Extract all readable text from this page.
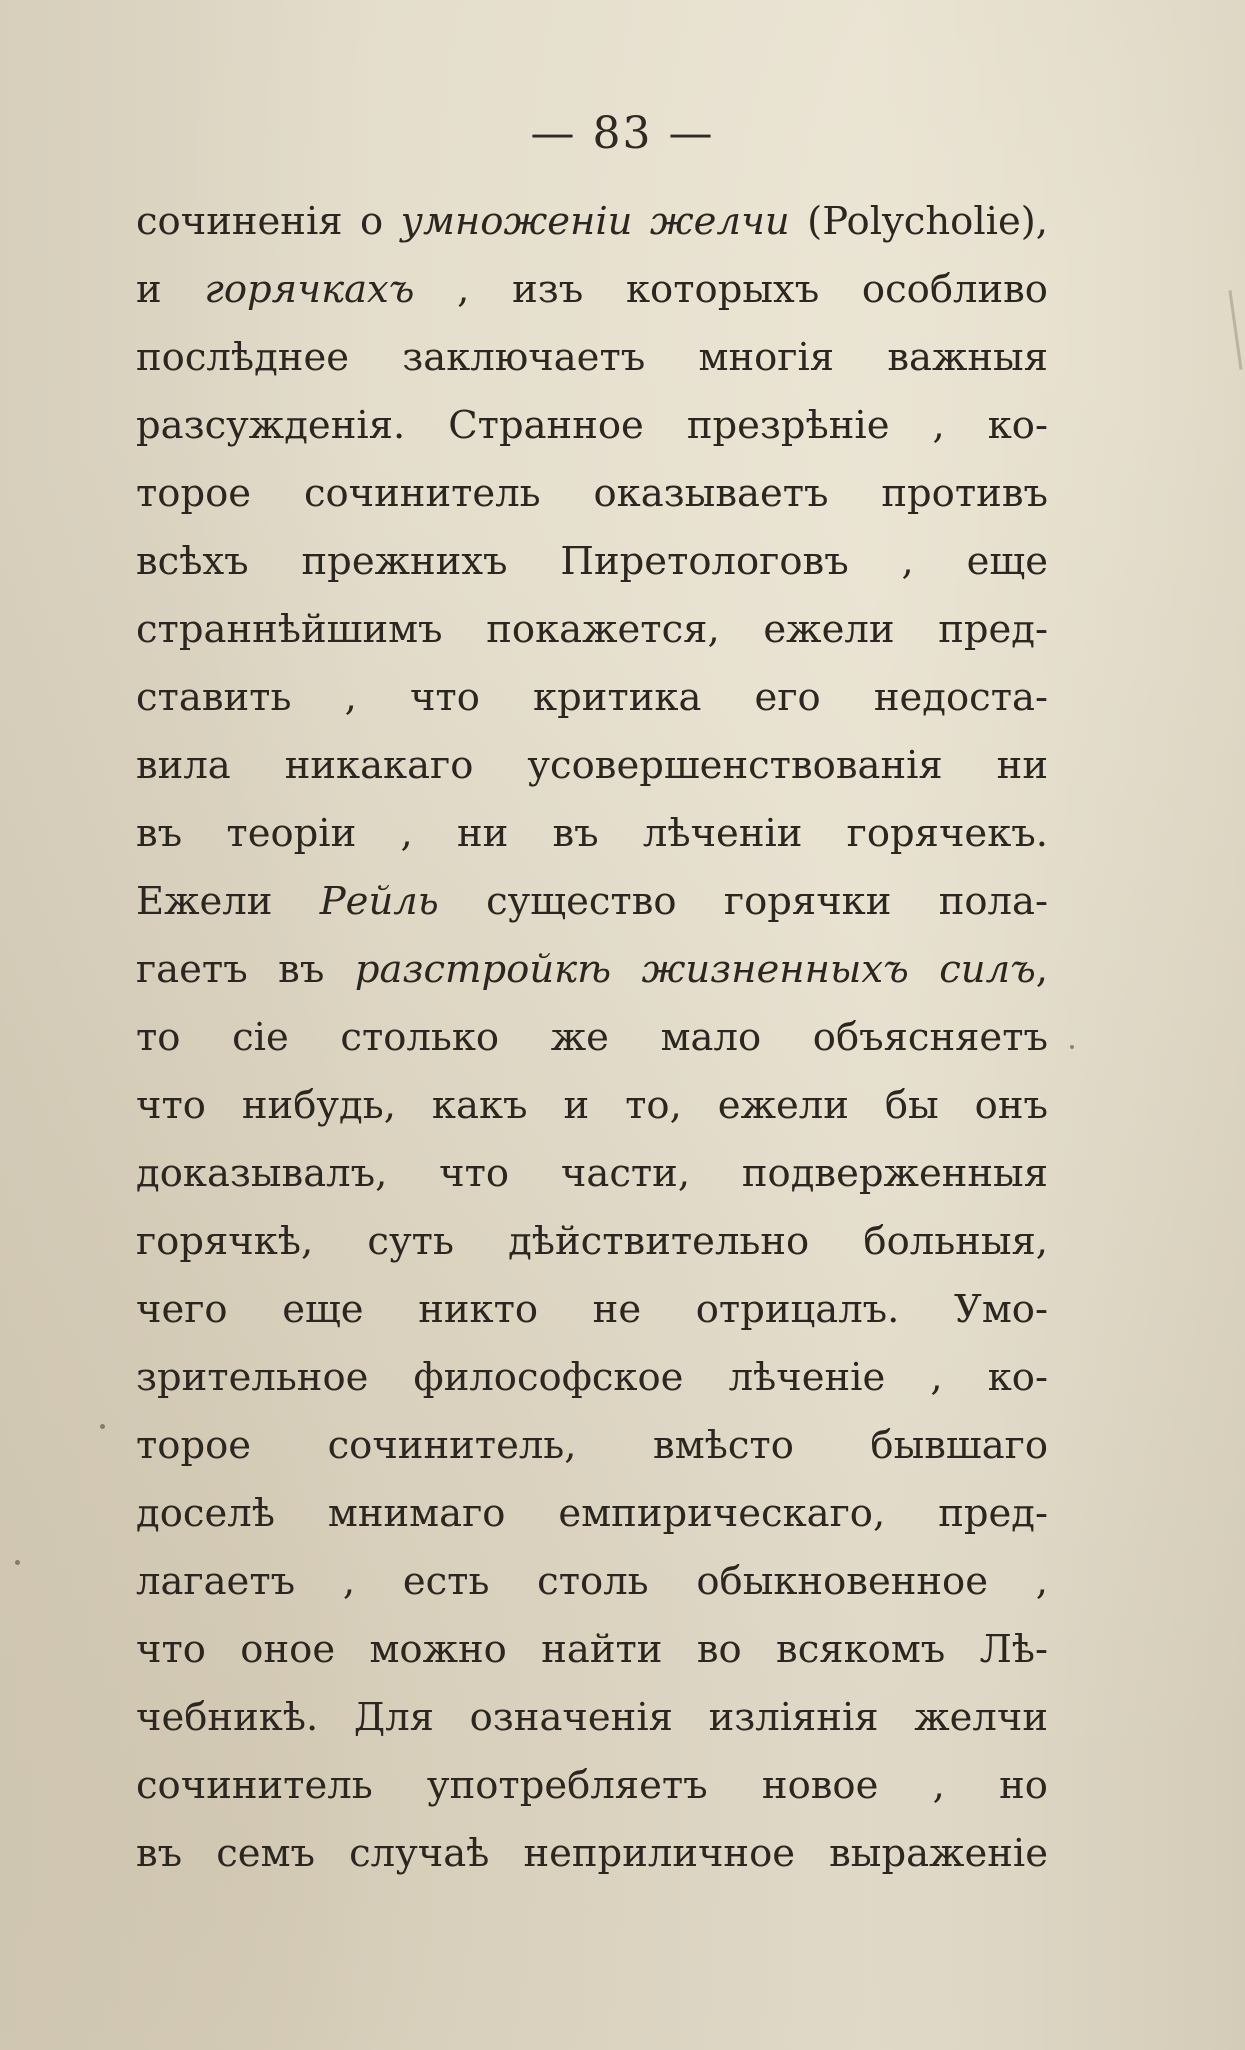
— 83 —
сочиненія о умноженіи желчи (Polycholie),
и горячкахъ , изъ которыхъ особливо
послѣднее заключаетъ многія важныя
разсужденія. Странное презрѣніе , ко-
торое сочинитель оказываетъ противъ
всѣхъ прежнихъ Пиретологовъ , еще
страннѣйшимъ покажется, ежели пред-
ставить , что критика его недоста-
вила никакаго усовершенствованія ни
въ теоріи , ни въ лѣченіи горячекъ.
Ежели Рейль существо горячки пола-
гаетъ въ разстройкѣ жизненныхъ силъ,
то сіе столько же мало объясняетъ
что нибудь, какъ и то, ежели бы онъ
доказывалъ, что части, подверженныя
горячкѣ, суть дѣйствительно больныя,
чего еще никто не отрицалъ. Умо-
зрительное философское лѣченіе , ко-
торое сочинитель, вмѣсто бывшаго
доселѣ мнимаго емпирическаго, пред-
лагаетъ , есть столь обыкновенное ,
что оное можно найти во всякомъ Лѣ-
чебникѣ. Для означенія изліянія желчи
сочинитель употребляетъ новое , но
въ семъ случаѣ неприличное выраженіе
